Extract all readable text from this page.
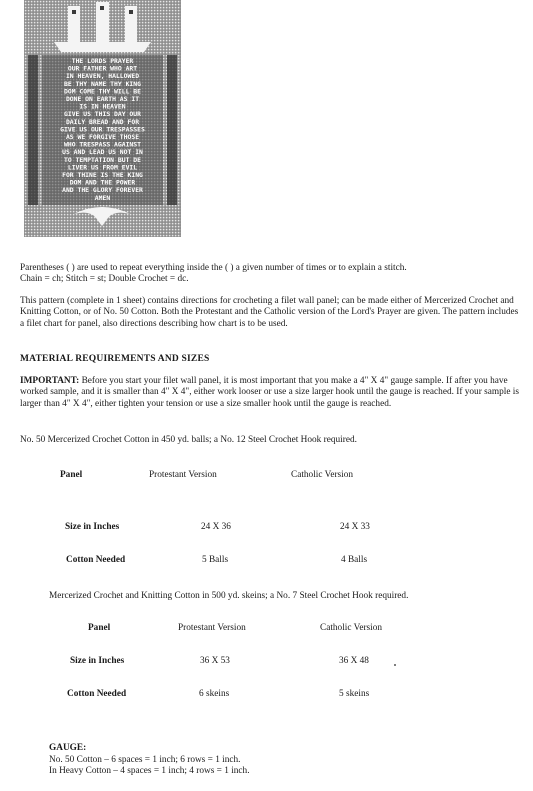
THE LORDS PRAYER
OUR FATHER WHO ART
IN HEAVEN, HALLOWED
BE THY NAME THY KING
DOM COME THY WILL BE
DONE ON EARTH AS IT
IS IN HEAVEN
GIVE US THIS DAY OUR
DAILY BREAD AND FOR
GIVE US OUR TRESPASSES
AS WE FORGIVE THOSE
WHO TRESPASS AGAINST
US AND LEAD US NOT IN
TO TEMPTATION BUT DE
LIVER US FROM EVIL
FOR THINE IS THE KING
DOM AND THE POWER
AND THE GLORY FOREVER
AMEN
Parentheses ( ) are used to repeat everything inside the ( ) a given number of times or to explain a stitch.
Chain = ch; Stitch = st; Double Crochet = dc.
This pattern (complete in 1 sheet) contains directions for crocheting a filet wall panel; can be made either of Mercerized Crochet and Knitting Cotton, or of No. 50 Cotton. Both the Protestant and the Catholic version of the Lord's Prayer are given. The pattern includes a filet chart for panel, also directions describing how chart is to be used.
MATERIAL REQUIREMENTS AND SIZES
IMPORTANT: Before you start your filet wall panel, it is most important that you make a 4" X 4" gauge sample. If after you have worked sample, and it is smaller than 4" X 4", either work looser or use a size larger hook until the gauge is reached. If your sample is larger than 4" X 4", either tighten your tension or use a size smaller hook until the gauge is reached.
No. 50 Mercerized Crochet Cotton in 450 yd. balls; a No. 12 Steel Crochet Hook required.
Panel	Protestant Version	Catholic Version
Size in Inches	24 X 36	24 X 33
Cotton Needed	5 Balls	4 Balls
Mercerized Crochet and Knitting Cotton in 500 yd. skeins; a No. 7 Steel Crochet Hook required.
Panel	Protestant Version	Catholic Version
Size in Inches	36 X 53	36 X 48
Cotton Needed	6 skeins	5 skeins
GAUGE:
No. 50 Cotton – 6 spaces = 1 inch; 6 rows = 1 inch.
In Heavy Cotton – 4 spaces = 1 inch; 4 rows = 1 inch.
